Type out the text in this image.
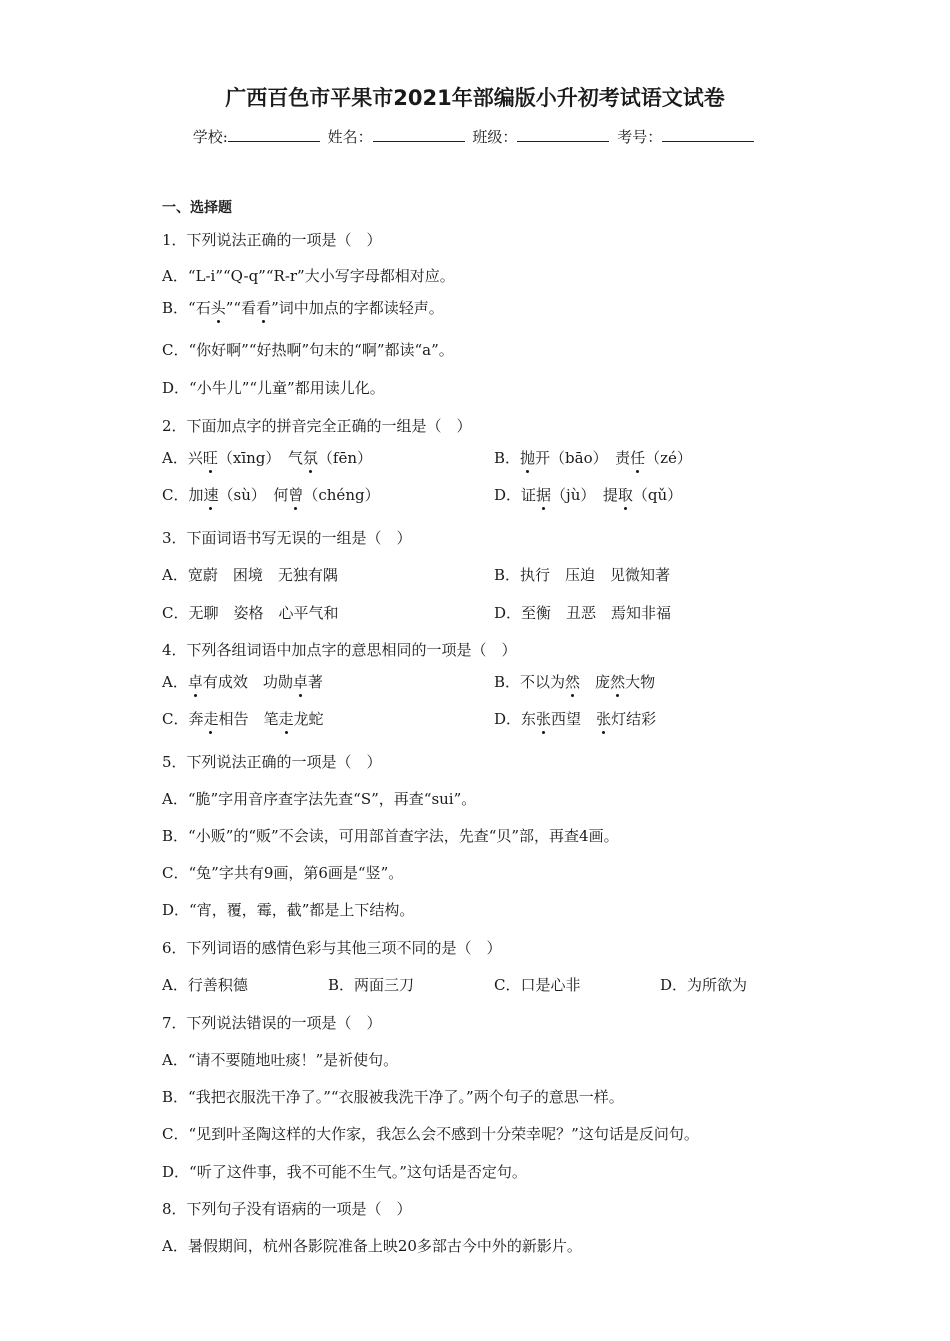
广西百色市平果市2021年部编版小升初考试语文试卷
学校:	姓名：	班级：	考号：
一、选择题
1．下列说法正确的一项是（　）
A．“L-i”“Q-q”“R-r”大小写字母都相对应。
B．“石头”“看看”词中加点的字都读轻声。
C．“你好啊”“好热啊”句末的“啊”都读“a”。
D．“小牛儿”“儿童”都用读儿化。
2．下面加点字的拼音完全正确的一组是（　）
A．兴旺（xīng）　气氛（fēn）	B．抛开（bāo）　责任（zé）
C．加速（sù）　何曾（chéng）	D．证据（jù）　提取（qǔ）
3．下面词语书写无误的一组是（　）
A．宽蔚　困境　无独有隅	B．执行　压迫　见微知著
C．无聊　姿格　心平气和	D．至衡　丑恶　焉知非福
4．下列各组词语中加点字的意思相同的一项是（　）
A．卓有成效　功勋卓著	B．不以为然　庞然大物
C．奔走相告　笔走龙蛇	D．东张西望　张灯结彩
5．下列说法正确的一项是（　）
A．“脆”字用音序查字法先查“S”，再查“sui”。
B．“小贩”的“贩”不会读，可用部首查字法，先查“贝”部，再查4画。
C．“兔”字共有9画，第6画是“竖”。
D．“宵，覆，霉，截”都是上下结构。
6．下列词语的感情色彩与其他三项不同的是（　）
A．行善积德	B．两面三刀	C．口是心非	D．为所欲为
7．下列说法错误的一项是（　）
A．“请不要随地吐痰！”是祈使句。
B．“我把衣服洗干净了。”“衣服被我洗干净了。”两个句子的意思一样。
C．“见到叶圣陶这样的大作家，我怎么会不感到十分荣幸呢？”这句话是反问句。
D．“听了这件事，我不可能不生气。”这句话是否定句。
8．下列句子没有语病的一项是（　）
A．暑假期间，杭州各影院准备上映20多部古今中外的新影片。
